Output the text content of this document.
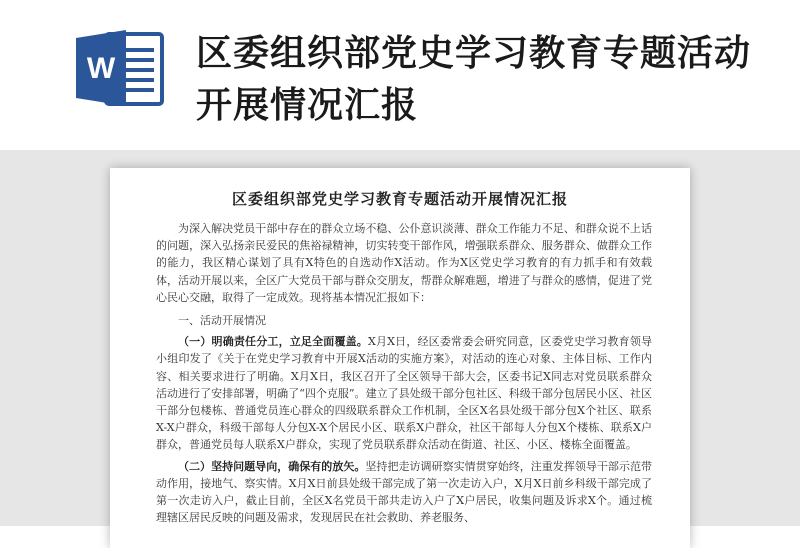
W 区委组织部党史学习教育专题活动开展情况汇报
区委组织部党史学习教育专题活动开展情况汇报

为深入解决党员干部中存在的群众立场不稳、公仆意识淡薄、群众工作能力不足、和群众说不上话的问题，深入弘扬亲民爱民的焦裕禄精神，切实转变干部作风，增强联系群众、服务群众、做群众工作的能力，我区精心谋划了具有X特色的自选动作X活动。作为X区党史学习教育的有力抓手和有效载体，活动开展以来，全区广大党员干部与群众交朋友，帮群众解难题，增进了与群众的感情，促进了党心民心交融，取得了一定成效。现将基本情况汇报如下：

一、活动开展情况

（一）明确责任分工，立足全面覆盖。X月X日，经区委常委会研究同意，区委党史学习教育领导小组印发了《关于在党史学习教育中开展X活动的实施方案》，对活动的连心对象、主体目标、工作内容、相关要求进行了明确。X月X日，我区召开了全区领导干部大会，区委书记X同志对党员联系群众活动进行了安排部署，明确了“四个克服”。建立了县处级干部分包社区、科级干部分包居民小区、社区干部分包楼栋、普通党员连心群众的四级联系群众工作机制，全区X名县处级干部分包X个社区、联系X-X户群众，科级干部每人分包X-X个居民小区、联系X户群众，社区干部每人分包X个楼栋、联系X户群众，普通党员每人联系X户群众，实现了党员联系群众活动在街道、社区、小区、楼栋全面覆盖。

（二）坚持问题导向，确保有的放矢。坚持把走访调研察实情贯穿始终，注重发挥领导干部示范带动作用，接地气、察实情。X月X日前县处级干部完成了第一次走访入户，X月X日前乡科级干部完成了第一次走访入户，截止目前，全区X名党员干部共走访入户了X户居民，收集问题及诉求X个。通过梳理辖区居民反映的问题及需求，发现居民在社会救助、养老服务、
